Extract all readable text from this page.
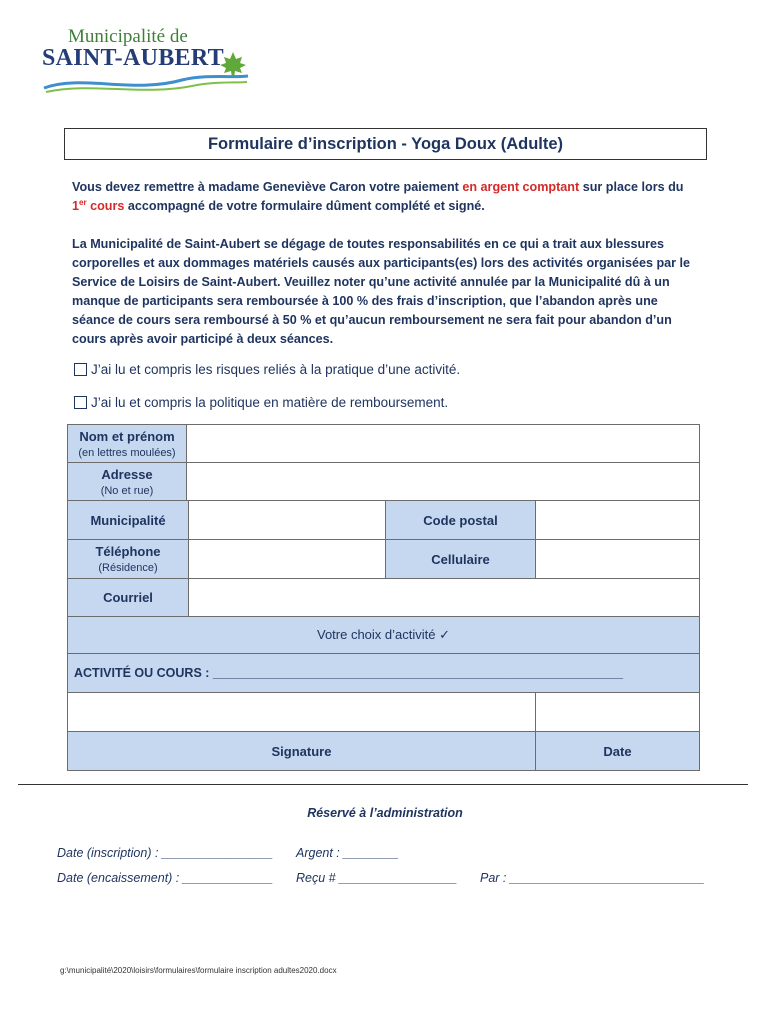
Municipalité de
SAINT-AUBERT
Formulaire d’inscription - Yoga Doux (Adulte)
Vous devez remettre à madame Geneviève Caron votre paiement en argent comptant sur place lors du 1er cours accompagné de votre formulaire dûment complété et signé.
La Municipalité de Saint-Aubert se dégage de toutes responsabilités en ce qui a trait aux blessures corporelles et aux dommages matériels causés aux participants(es) lors des activités organisées par le Service de Loisirs de Saint-Aubert. Veuillez noter qu’une activité annulée par la Municipalité dû à un manque de participants sera remboursée à 100 % des frais d’inscription, que l’abandon après une séance de cours sera remboursé à 50 % et qu’aucun remboursement ne sera fait pour abandon d’un cours après avoir participé à deux séances.
J’ai lu et compris les risques reliés à la pratique d’une activité.
J’ai lu et compris la politique en matière de remboursement.
Nom et prénom
(en lettres moulées)
Adresse
(No et rue)
Municipalité	Code postal
Téléphone
(Résidence)
Cellulaire
Courriel
Votre choix d’activité ✓
ACTIVITÉ OU COURS : ___________________________________________________________
Signature	Date
Réservé à l’administration
Date (inscription) : ________________ Argent : ________
Date (encaissement) : _____________ Reçu # _________________ Par : ____________________________
g:\municipalité\2020\loisirs\formulaires\formulaire inscription adultes2020.docx
